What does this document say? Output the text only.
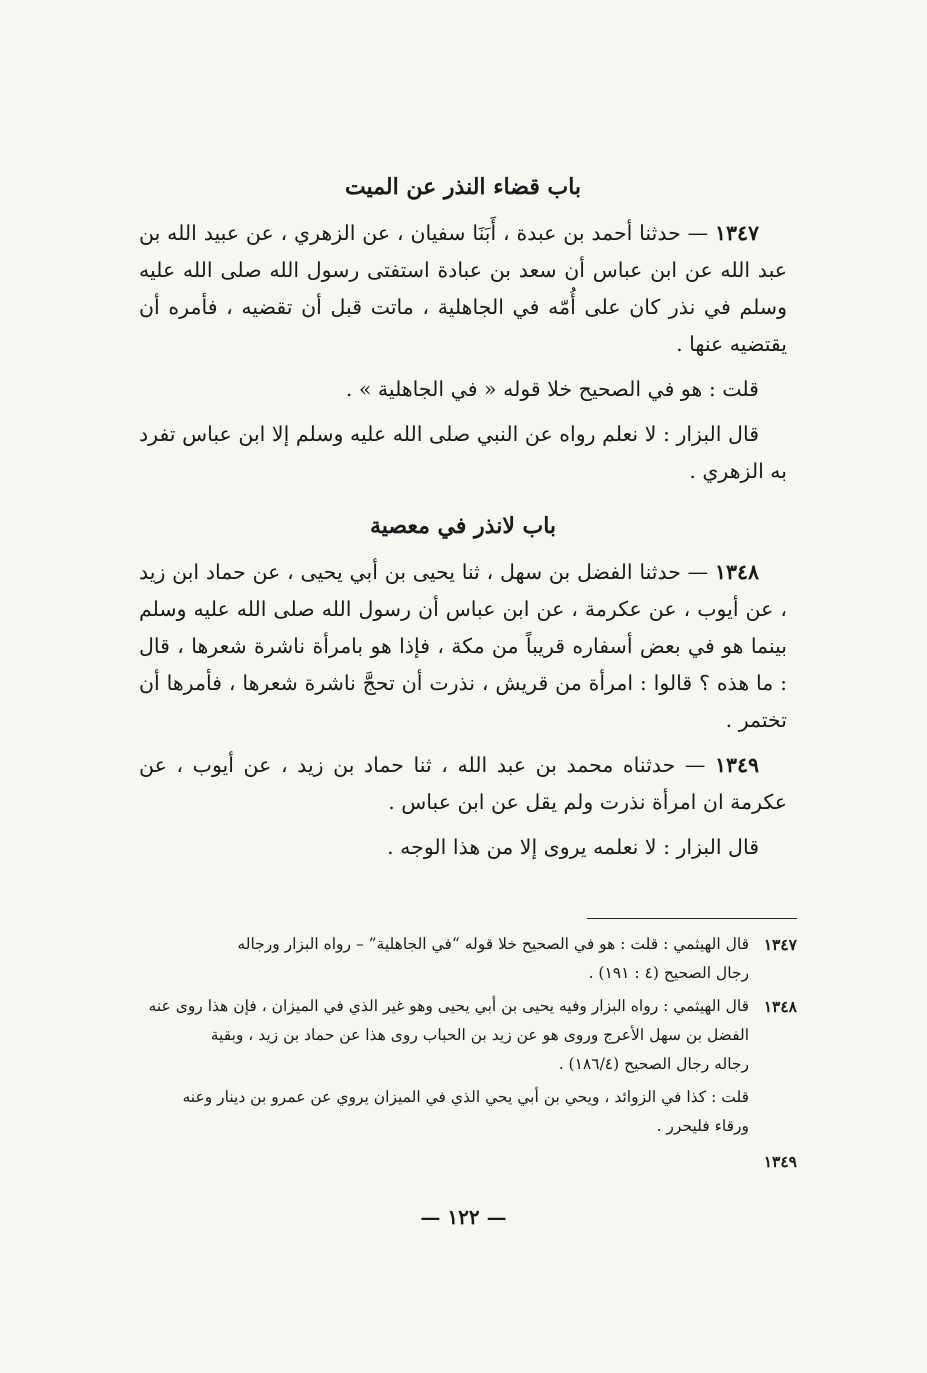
باب قضاء النذر عن الميت

١٣٤٧ — حدثنا أحمد بن عبدة ، أَبَنَا سفيان ، عن الزهري ، عن عبيد الله بن عبد الله عن ابن عباس أن سعد بن عبادة استفتى رسول الله صلى الله عليه وسلم في نذر كان على أُمّه في الجاهلية ، ماتت قبل أن تقضيه ، فأمره أن يقتضيه عنها .

قلت : هو في الصحيح خلا قوله « في الجاهلية » .

قال البزار : لا نعلم رواه عن النبي صلى الله عليه وسلم إلا ابن عباس تفرد به الزهري .

باب لانذر في معصية

١٣٤٨ — حدثنا الفضل بن سهل ، ثنا يحيى بن أبي يحيى ، عن حماد ابن زيد ، عن أيوب ، عن عكرمة ، عن ابن عباس أن رسول الله صلى الله عليه وسلم بينما هو في بعض أسفاره قريباً من مكة ، فإذا هو بامرأة ناشرة شعرها ، قال : ما هذه ؟ قالوا : امرأة من قريش ، نذرت أن تحجَّ ناشرة شعرها ، فأمرها أن تختمر .

١٣٤٩ — حدثناه محمد بن عبد الله ، ثنا حماد بن زيد ، عن أيوب ، عن عكرمة ان امرأة نذرت ولم يقل عن ابن عباس .

قال البزار : لا نعلمه يروى إلا من هذا الوجه .

١٣٤٧
قال الهيثمي : قلت : هو في الصحيح خلا قوله “في الجاهلية” – رواه البزار ورجاله
رجال الصحيح (٤ : ١٩١) .
١٣٤٨
قال الهيثمي : رواه البزار وفيه يحيى بن أبي يحيى وهو غير الذي في الميزان ، فإن هذا روى عنه
الفضل بن سهل الأعرج وروى هو عن زيد بن الحباب روى هذا عن حماد بن زيد ، وبقية
رجاله رجال الصحيح (١٨٦/٤) .
قلت : كذا في الزوائد ، ويحي بن أبي يحي الذي في الميزان يروي عن عمرو بن دينار وعنه
ورقاء فليحرر .
١٣٤٩
— ١٢٢ —
